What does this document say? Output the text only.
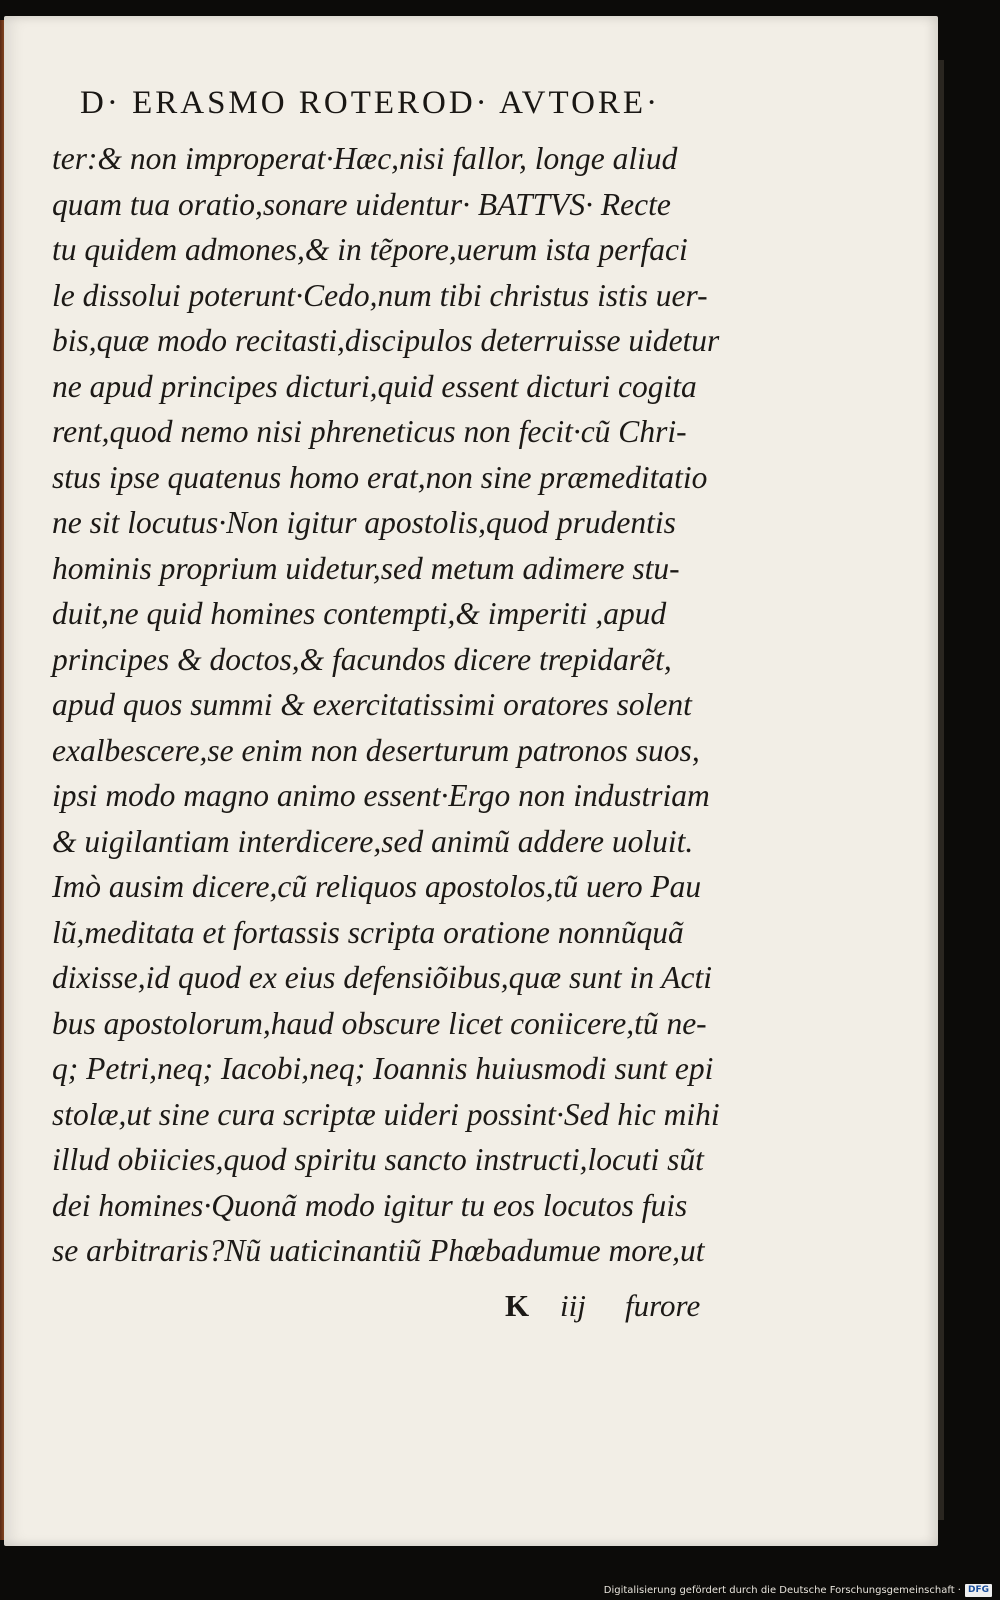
D· ERASMO ROTEROD· AVTORE·
ter:& non improperat·Hæc,nisi fallor, longe aliud
quam tua oratio,sonare uidentur· BATTVS· Recte
tu quidem admones,& in tẽpore,uerum ista perfaci
le dissolui poterunt·Cedo,num tibi christus istis uer-
bis,quæ modo recitasti,discipulos deterruisse uidetur
ne apud principes dicturi,quid essent dicturi cogita
rent,quod nemo nisi phreneticus non fecit·cũ Chri-
stus ipse quatenus homo erat,non sine præmeditatio
ne sit locutus·Non igitur apostolis,quod prudentis
hominis proprium uidetur,sed metum adimere stu-
duit,ne quid homines contempti,& imperiti ,apud
principes & doctos,& facundos dicere trepidarẽt,
apud quos summi & exercitatissimi oratores solent
exalbescere,se enim non deserturum patronos suos,
ipsi modo magno animo essent·Ergo non industriam
& uigilantiam interdicere,sed animũ addere uoluit.
Imò ausim dicere,cũ reliquos apostolos,tũ uero Pau
lũ,meditata et fortassis scripta oratione nonnũquã
dixisse,id quod ex eius defensiõibus,quæ sunt in Acti
bus apostolorum,haud obscure licet coniicere,tũ ne-
q; Petri,neq; Iacobi,neq; Ioannis huiusmodi sunt epi
stolæ,ut sine cura scriptæ uideri possint·Sed hic mihi
illud obiicies,quod spiritu sancto instructi,locuti sũt
dei homines·Quonã modo igitur tu eos locutos fuis
se arbitraris?Nũ uaticinantiũ Phœbadumue more,ut
K iij furore
Digitalisierung gefördert durch die Deutsche Forschungsgemeinschaft · DFG
